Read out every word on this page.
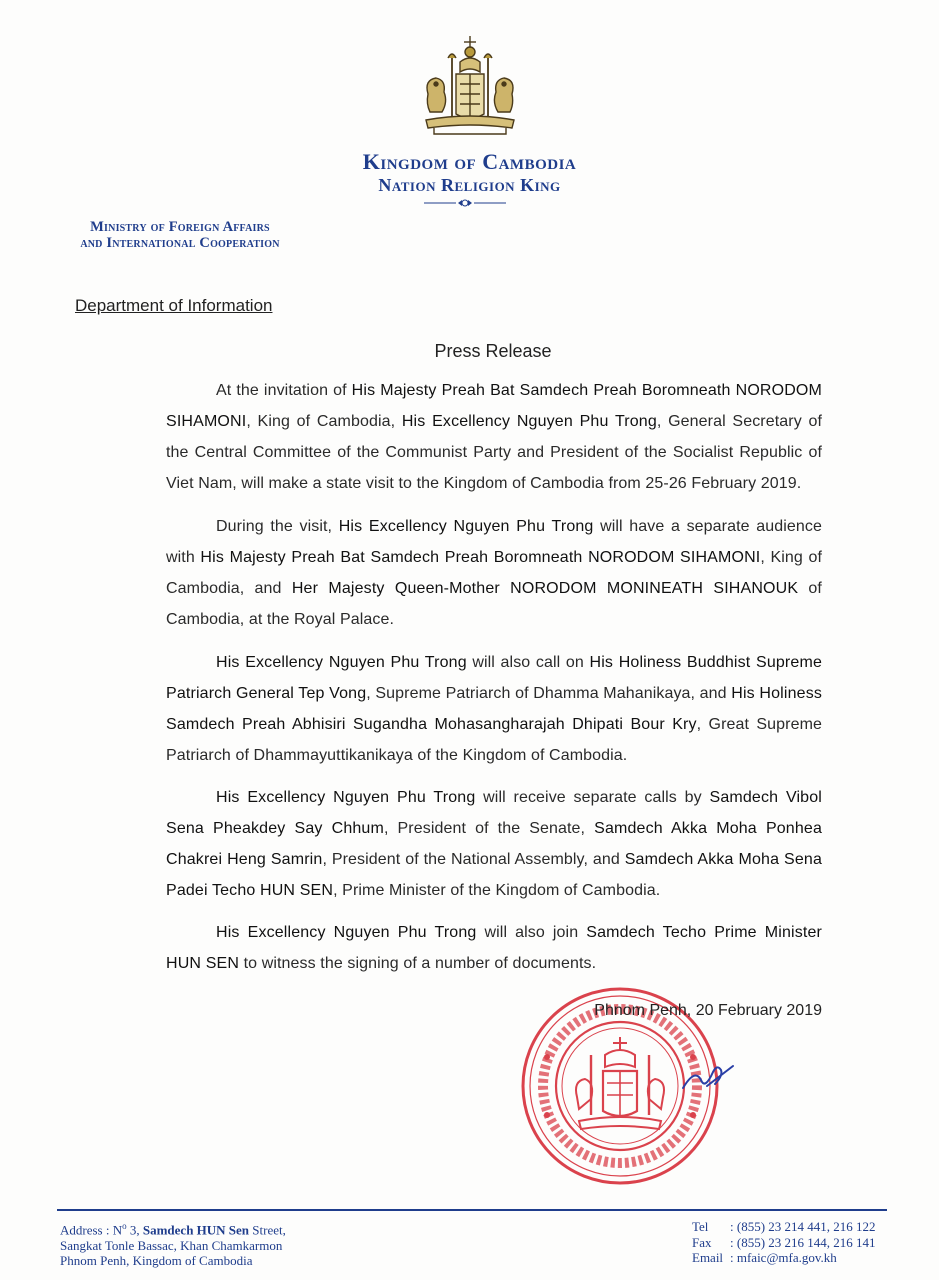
Kingdom of Cambodia
Nation Religion King
Ministry of Foreign Affairs
and International Cooperation
Department of Information
Press Release

At the invitation of His Majesty Preah Bat Samdech Preah Boromneath NORODOM SIHAMONI, King of Cambodia, His Excellency Nguyen Phu Trong, General Secretary of the Central Committee of the Communist Party and President of the Socialist Republic of Viet Nam, will make a state visit to the Kingdom of Cambodia from 25-26 February 2019.

During the visit, His Excellency Nguyen Phu Trong will have a separate audience with His Majesty Preah Bat Samdech Preah Boromneath NORODOM SIHAMONI, King of Cambodia, and Her Majesty Queen-Mother NORODOM MONINEATH SIHANOUK of Cambodia, at the Royal Palace.

His Excellency Nguyen Phu Trong will also call on His Holiness Buddhist Supreme Patriarch General Tep Vong, Supreme Patriarch of Dhamma Mahanikaya, and His Holiness Samdech Preah Abhisiri Sugandha Mohasangharajah Dhipati Bour Kry, Great Supreme Patriarch of Dhammayuttikanikaya of the Kingdom of Cambodia.

His Excellency Nguyen Phu Trong will receive separate calls by Samdech Vibol Sena Pheakdey Say Chhum, President of the Senate, Samdech Akka Moha Ponhea Chakrei Heng Samrin, President of the National Assembly, and Samdech Akka Moha Sena Padei Techo HUN SEN, Prime Minister of the Kingdom of Cambodia.

His Excellency Nguyen Phu Trong will also join Samdech Techo Prime Minister HUN SEN to witness the signing of a number of documents.

Phnom Penh, 20 February 2019
Address : $N^o$ 3, Samdech HUN Sen Street,
Sangkat Tonle Bassac, Khan Chamkarmon
Phnom Penh, Kingdom of Cambodia
Tel	: (855) 23 214 441, 216 122
Fax	: (855) 23 216 144, 216 141
Email : mfaic@mfa.gov.kh
